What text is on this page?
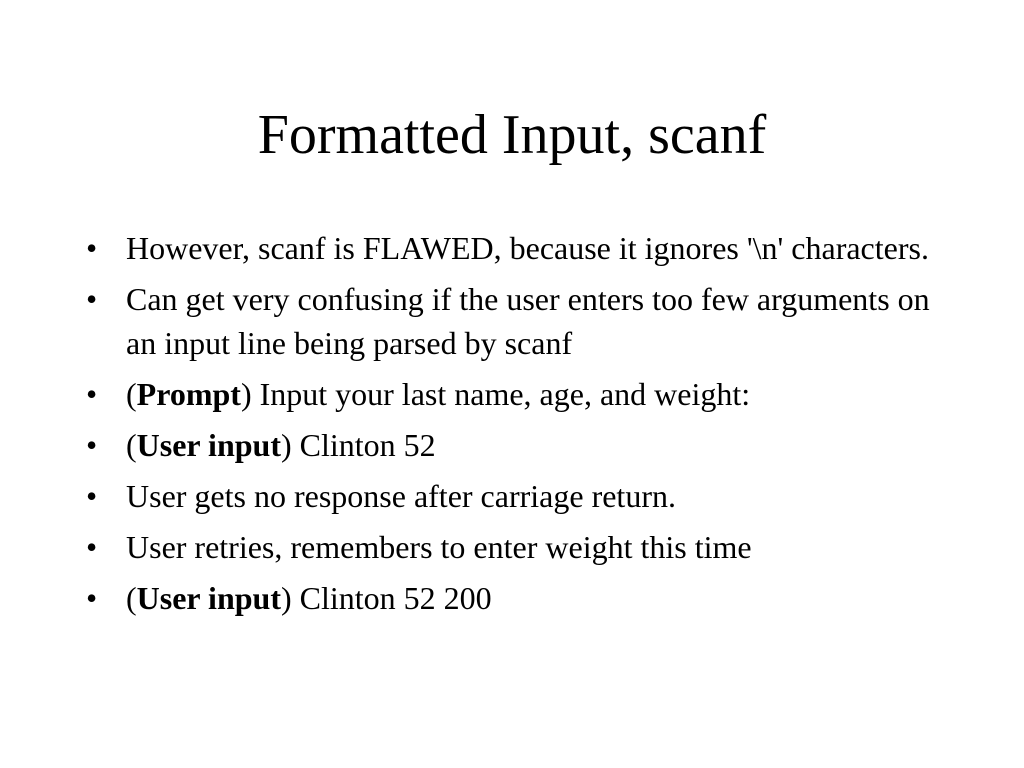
Formatted Input, scanf
• However, scanf is FLAWED, because it ignores '\n' characters.
• Can get very confusing if the user enters too few arguments on an input line being parsed by scanf
• (Prompt) Input your last name, age, and weight:
• (User input) Clinton 52
• User gets no response after carriage return.
• User retries, remembers to enter weight this time
• (User input) Clinton 52 200
